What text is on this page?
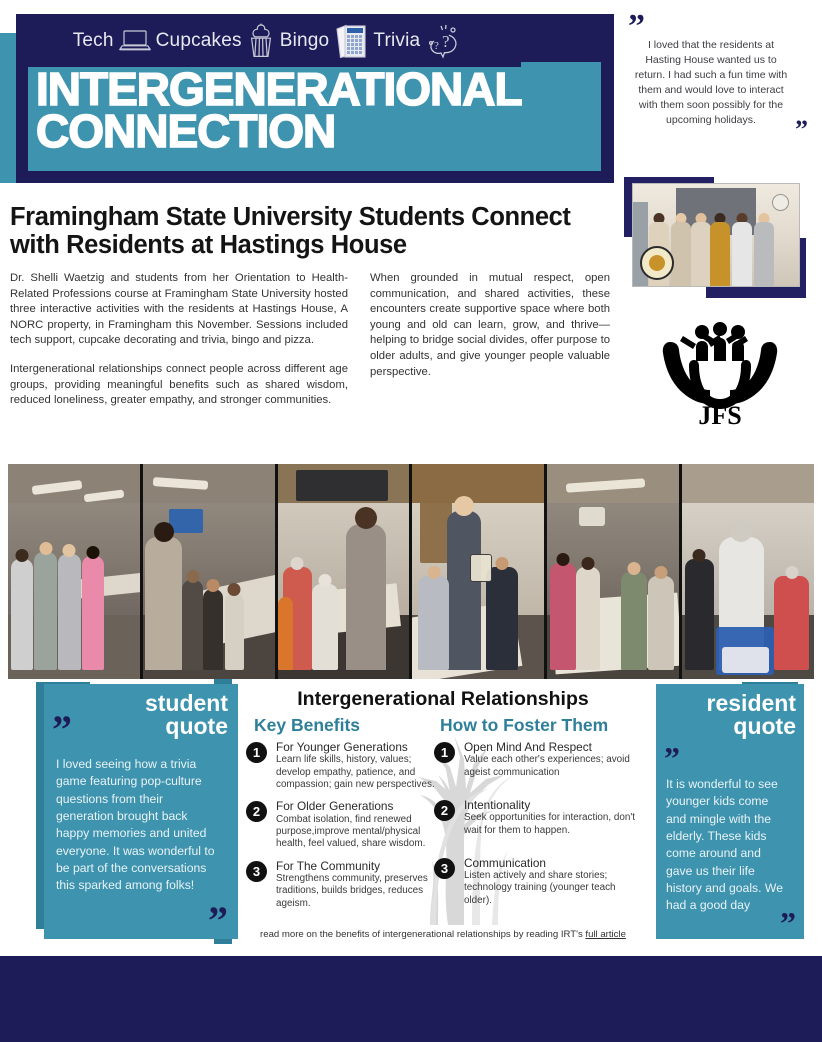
Tech Cupcakes Bingo Trivia ?
?
INTERGENERATIONAL
CONNECTION
” I loved that the residents at Hasting House wanted us to return. I had such a fun time with them and would love to interact with them soon possibly for the upcoming holidays.	”
Framingham State University Students Connect with Residents at Hastings House

Dr. Shelli Waetzig and students from her Orientation to Health-Related Professions course at Framingham State University hosted three interactive activities with the residents at Hastings House, A NORC property, in Framingham this November. Sessions included tech support, cupcake decorating and trivia, bingo and pizza.

Intergenerational relationships connect people across different age groups, providing meaningful benefits such as shared wisdom, reduced loneliness, greater empathy, and stronger communities.

When grounded in mutual respect, open communication, and shared activities, these encounters create supportive space where both young and old can learn, grow, and thrive—helping to bridge social divides, offer purpose to older adults, and give younger people valuable perspective.

JFS
student
quote
”
I loved seeing how a trivia game featuring pop-culture questions from their generation brought back happy memories and united everyone. It was wonderful to be part of the conversations this sparked among folks!
”
resident
quote
”
It is wonderful to see younger kids come and mingle with the elderly. These kids come around and gave us their life history and goals. We had a good day ”
Intergenerational Relationships
Key Benefits	How to Foster Them
1	For Younger Generations
Learn life skills, history, values; develop empathy, patience, and compassion; gain new perspectives.
2	For Older Generations
Combat isolation, find renewed purpose,improve mental/physical health, feel valued, share wisdom.
3	For The Community
Strengthens community, preserves traditions, builds bridges, reduces ageism.
1	Open Mind And Respect
Value each other's experiences; avoid ageist communication
2	Intentionality
Seek opportunities for interaction, don't wait for them to happen.
3	Communication
Listen actively and share stories; technology training (younger teach older).
read more on the benefits of intergenerational relationships by reading IRT's full article
